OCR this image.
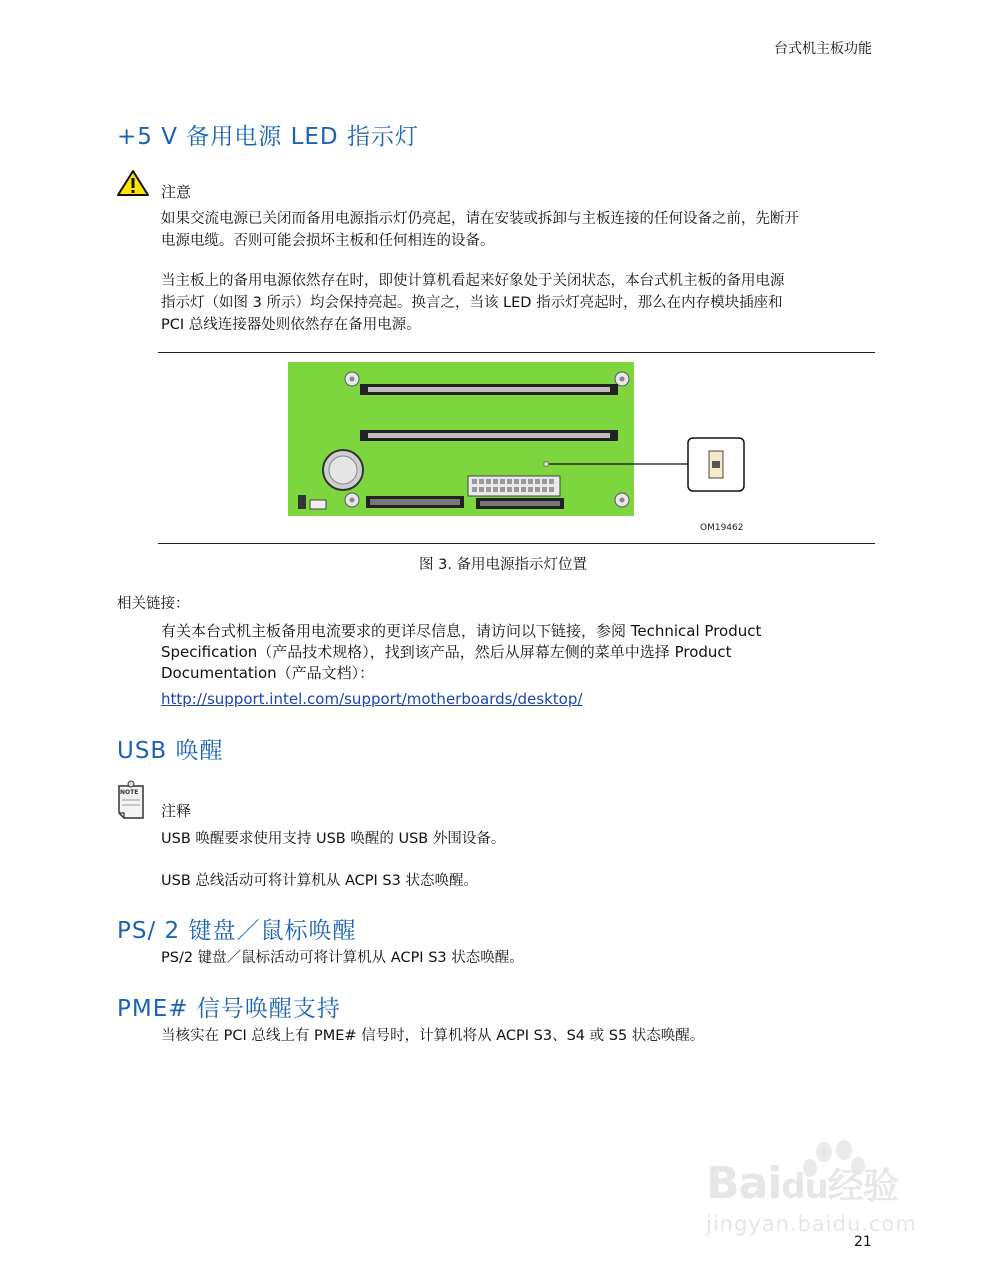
台式机主板功能
+5 V 备用电源 LED 指示灯
注意
如果交流电源已关闭而备用电源指示灯仍亮起，请在安装或拆卸与主板连接的任何设备之前，先断开
电源电缆。否则可能会损坏主板和任何相连的设备。
当主板上的备用电源依然存在时，即使计算机看起来好象处于关闭状态，本台式机主板的备用电源
指示灯（如图 3 所示）均会保持亮起。换言之，当该 LED 指示灯亮起时，那么在内存模块插座和
PCI 总线连接器处则依然存在备用电源。
OM19462
图 3. 备用电源指示灯位置
相关链接：
有关本台式机主板备用电流要求的更详尽信息，请访问以下链接，参阅 Technical Product
Specification（产品技术规格），找到该产品，然后从屏幕左侧的菜单中选择 Product
Documentation（产品文档）：
http://support.intel.com/support/motherboards/desktop/
USB 唤醒
NOTE
注释
USB 唤醒要求使用支持 USB 唤醒的 USB 外围设备。
USB 总线活动可将计算机从 ACPI S3 状态唤醒。
PS/ 2 键盘／鼠标唤醒
PS/2 键盘／鼠标活动可将计算机从 ACPI S3 状态唤醒。
PME# 信号唤醒支持
当核实在 PCI 总线上有 PME# 信号时，计算机将从 ACPI S3、S4 或 S5 状态唤醒。
Baidu经验
jingyan.baidu.com
21
